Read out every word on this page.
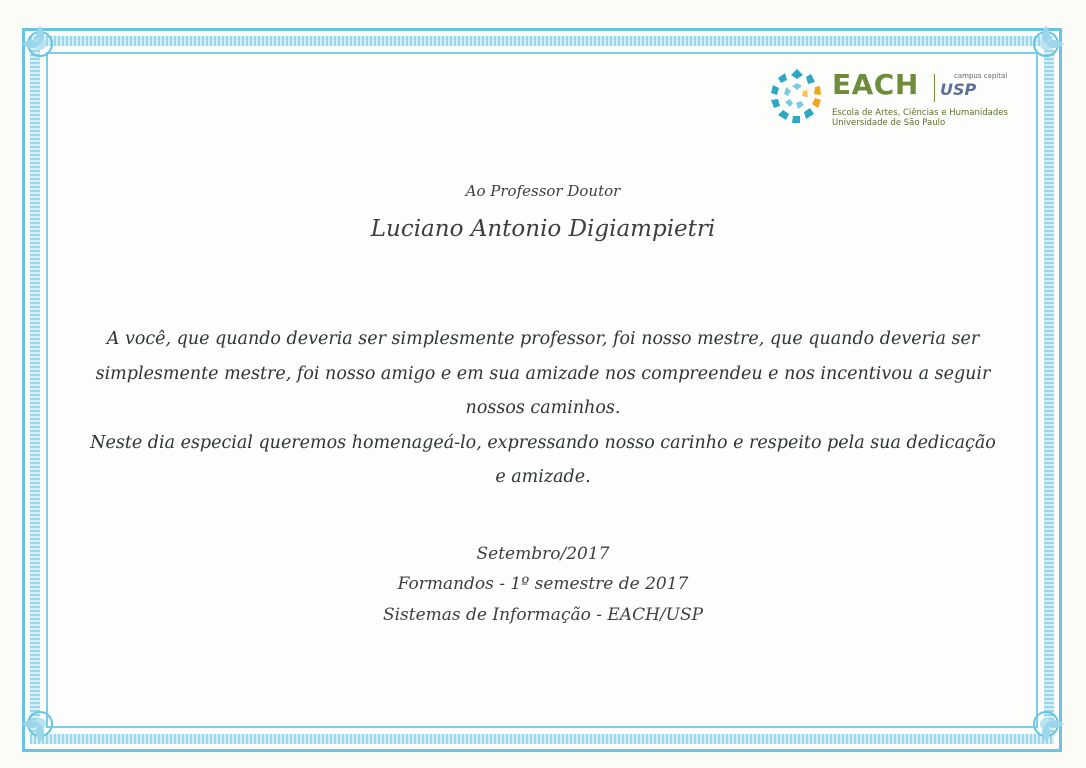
EACH	campus capital
USP
Escola de Artes, Ciências e Humanidades
Universidade de São Paulo
Ao Professor Doutor
Luciano Antonio Digiampietri

A você, que quando deveria ser simplesmente professor, foi nosso mestre, que quando deveria ser simplesmente mestre, foi nosso amigo e em sua amizade nos compreendeu e nos incentivou a seguir nossos caminhos.

Neste dia especial queremos homenageá-lo, expressando nosso carinho e respeito pela sua dedicação e amizade.

Setembro/2017
Formandos - 1º semestre de 2017
Sistemas de Informação - EACH/USP
